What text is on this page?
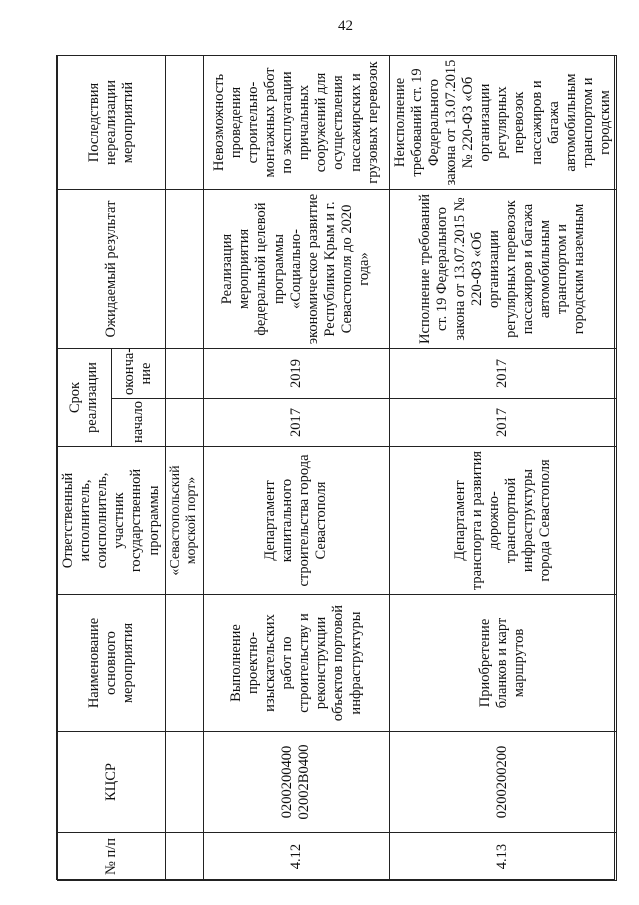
42
№ п/п	КЦСР	Наименование основного мероприятия	Ответственный исполнитель, соисполнитель, участник государственной программы	Срок реализации		Ожидаемый результат	Последствия нереализации мероприятий
				начало	оконча-ние		
			«Севастопольский морской порт»				
4.12	0200200400 02002B0400	Выполнение проектно-изыскательских работ по строительству и реконструкции объектов портовой инфраструктуры	Департамент капитального строительства города Севастополя	2017	2019	Реализация мероприятия федеральной целевой программы «Социально-экономическое развитие Республики Крым и г. Севастополя до 2020 года»	Невозможность проведения строительно-монтажных работ по эксплуатации причальных сооружений для осуществления пассажирских и грузовых перевозок
4.13	0200200200	Приобретение бланков и карт маршрутов	Департамент транспорта и развития дорожно-транспортной инфраструктуры города Севастополя	2017	2017	Исполнение требований ст. 19 Федерального закона от 13.07.2015 № 220-ФЗ «Об организации регулярных перевозок пассажиров и багажа автомобильным транспортом и городским наземным	Неисполнение требований ст. 19 Федерального закона от 13.07.2015 № 220-ФЗ «Об организации регулярных перевозок пассажиров и багажа автомобильным транспортом и городским
